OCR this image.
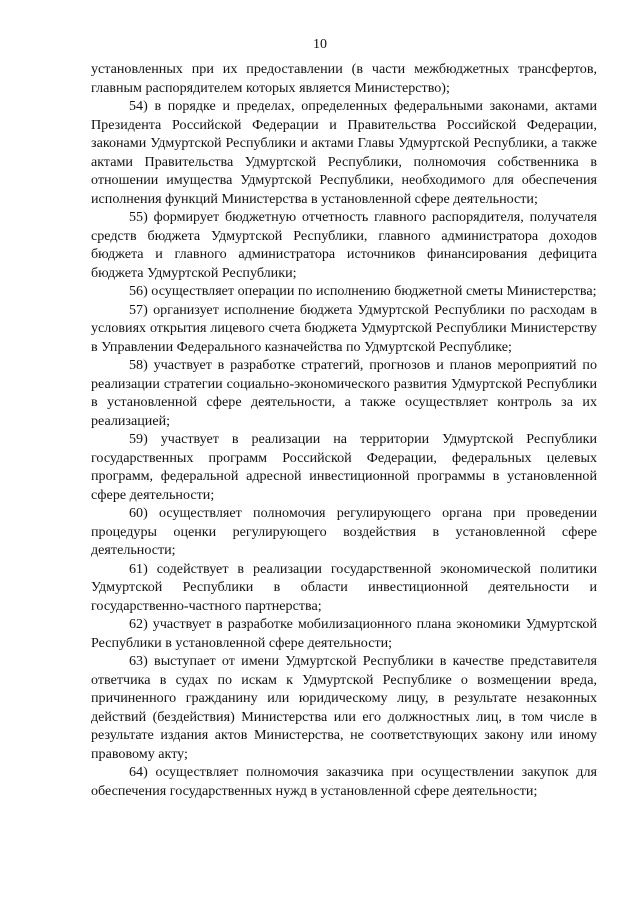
10

установленных при их предоставлении (в части межбюджетных трансфертов, главным распорядителем которых является Министерство);

54) в порядке и пределах, определенных федеральными законами, актами Президента Российской Федерации и Правительства Российской Федерации, законами Удмуртской Республики и актами Главы Удмуртской Республики, а также актами Правительства Удмуртской Республики, полномочия собственника в отношении имущества Удмуртской Республики, необходимого для обеспечения исполнения функций Министерства в установленной сфере деятельности;

55) формирует бюджетную отчетность главного распорядителя, получателя средств бюджета Удмуртской Республики, главного администратора доходов бюджета и главного администратора источников финансирования дефицита бюджета Удмуртской Республики;

56) осуществляет операции по исполнению бюджетной сметы Министерства;

57) организует исполнение бюджета Удмуртской Республики по расходам в условиях открытия лицевого счета бюджета Удмуртской Республики Министерству в Управлении Федерального казначейства по Удмуртской Республике;

58) участвует в разработке стратегий, прогнозов и планов мероприятий по реализации стратегии социально-экономического развития Удмуртской Республики в установленной сфере деятельности, а также осуществляет контроль за их реализацией;

59) участвует в реализации на территории Удмуртской Республики государственных программ Российской Федерации, федеральных целевых программ, федеральной адресной инвестиционной программы в установленной сфере деятельности;

60) осуществляет полномочия регулирующего органа при проведении процедуры оценки регулирующего воздействия в установленной сфере деятельности;

61) содействует в реализации государственной экономической политики Удмуртской Республики в области инвестиционной деятельности и государственно-частного партнерства;

62) участвует в разработке мобилизационного плана экономики Удмуртской Республики в установленной сфере деятельности;

63) выступает от имени Удмуртской Республики в качестве представителя ответчика в судах по искам к Удмуртской Республике о возмещении вреда, причиненного гражданину или юридическому лицу, в результате незаконных действий (бездействия) Министерства или его должностных лиц, в том числе в результате издания актов Министерства, не соответствующих закону или иному правовому акту;

64) осуществляет полномочия заказчика при осуществлении закупок для обеспечения государственных нужд в установленной сфере деятельности;
